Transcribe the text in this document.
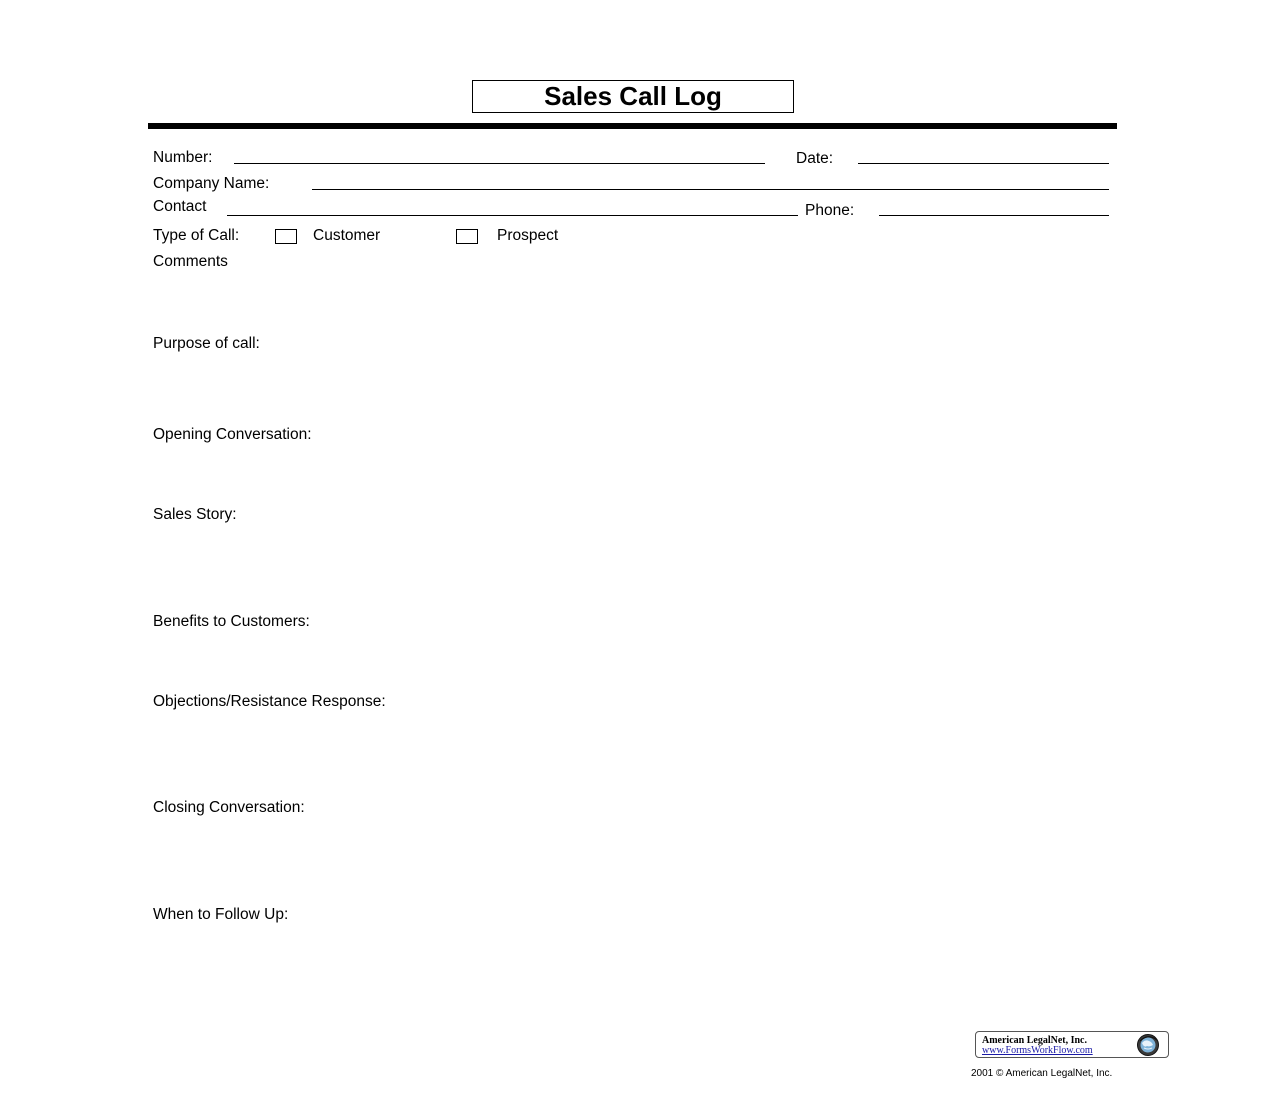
Sales Call Log
Number:	Date:
Company Name:
Contact	Phone:
Type of Call:	Customer	Prospect
Comments
Purpose of call:
Opening Conversation:
Sales Story:
Benefits to Customers:
Objections/Resistance Response:
Closing Conversation:
When to Follow Up:
American LegalNet, Inc.
www.FormsWorkFlow.com
2001 © American LegalNet, Inc.
